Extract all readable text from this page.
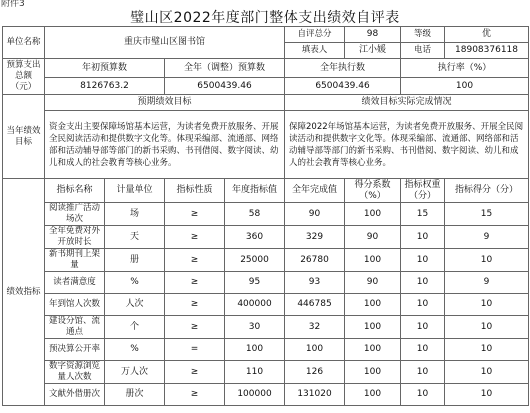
附件3
璧山区2022年度部门整体支出绩效自评表
单位名称	重庆市璧山区图书馆				自评总分	98	等级	优
					填表人	江小媛	电话	18908376118
预算支出总额（元）	年初预算数		全年（调整）预算数		全年执行数		执行率（%）	
	8126763.2		6500439.46		6500439.46		100	
当年绩效目标	预期绩效目标				绩效目标实际完成情况			
	资金支出主要保障场馆基本运营，为读者免费开放服务、开展全民阅读活动和提供数字文化等。体现采编部、流通部、网络部和活动辅导部等部门的新书采购、书刊借阅、数字阅读、幼儿和成人的社会教育等核心业务。				保障2022年场馆基本运营，为读者免费开放服务、开展全民阅读活动和提供数字文化等。体现采编部、流通部、网络部和活动辅导部等部门的新书采购、书刊借阅、数字阅读、幼儿和成人的社会教育等核心业务。			
绩效指标	指标名称	计量单位	指标性质	年度指标值	全年完成值	得分系数（%）	指标权重（分）	指标得分（分）
	阅读推广活动场次	场	≥	58	90	100	15	15
	全年免费对外开放时长	天	≥	360	329	90	10	9
	新书期刊上架量	册	≥	25000	26780	100	10	10
	读者满意度	%	≥	95	93	90	10	9
	年到馆人次数	人次	≥	400000	446785	100	10	10
	建设分馆、流通点	个	≥	30	32	100	10	10
	预决算公开率	%	=	100	100	100	10	10
	数字资源浏览量人次数	万人次	≥	110	126	100	10	10
	文献外借册次	册次	≥	100000	131020	100	10	10
